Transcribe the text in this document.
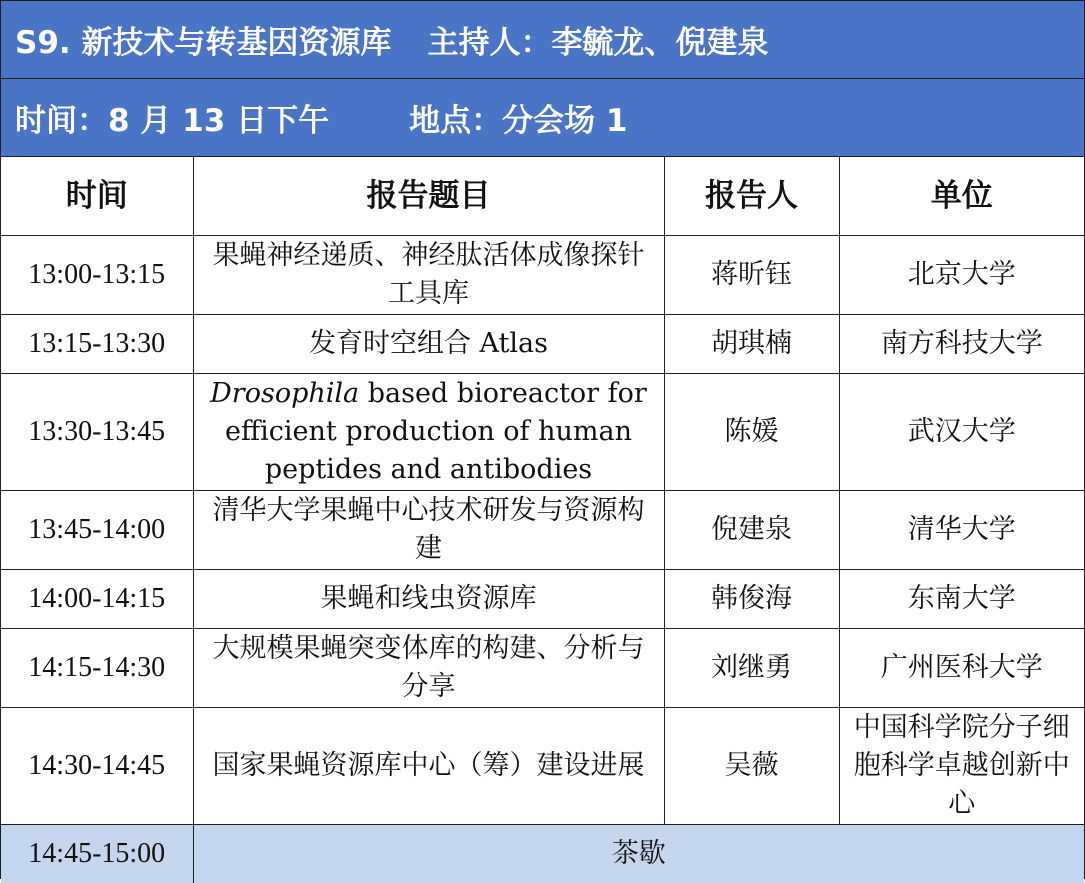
S9. 新技术与转基因资源库 主持人：李毓龙、倪建泉
时间：8 月 13 日下午	地点：分会场 1
时间	报告题目	报告人	单位
13:00-13:15	果蝇神经递质、神经肽活体成像探针工具库	蒋昕钰	北京大学
13:15-13:30	发育时空组合 Atlas	胡琪楠	南方科技大学
13:30-13:45	Drosophila based bioreactor for efficient production of human peptides and antibodies	陈媛	武汉大学
13:45-14:00	清华大学果蝇中心技术研发与资源构建	倪建泉	清华大学
14:00-14:15	果蝇和线虫资源库	韩俊海	东南大学
14:15-14:30	大规模果蝇突变体库的构建、分析与分享	刘继勇	广州医科大学
14:30-14:45	国家果蝇资源库中心（筹）建设进展	吴薇	中国科学院分子细胞科学卓越创新中心
14:45-15:00	茶歇		
